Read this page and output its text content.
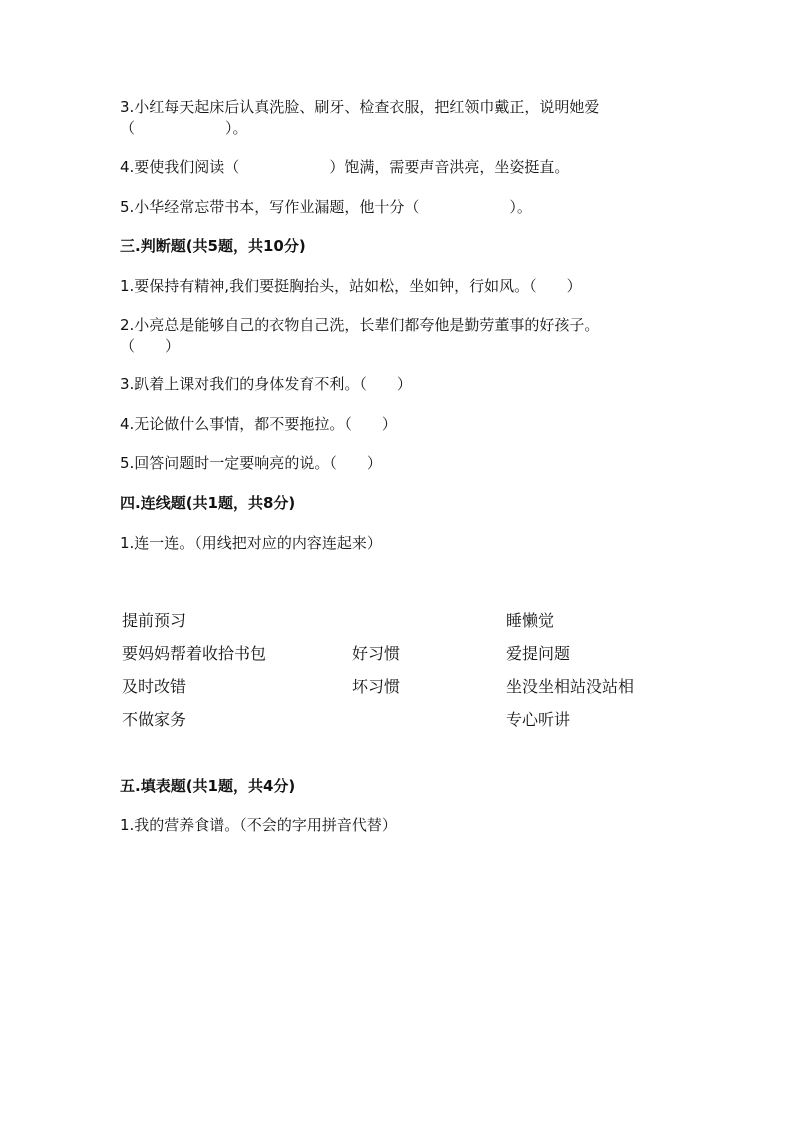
3.小红每天起床后认真洗脸、刷牙、检查衣服，把红领巾戴正，说明她爱
（　　　　　　）。
4.要使我们阅读（　　　　　　）饱满，需要声音洪亮，坐姿挺直。
5.小华经常忘带书本，写作业漏题，他十分（　　　　　　）。
三.判断题(共5题，共10分)
1.要保持有精神,我们要挺胸抬头，站如松，坐如钟，行如风。（　　）
2.小亮总是能够自己的衣物自己洗，长辈们都夸他是勤劳董事的好孩子。
（　　）
3.趴着上课对我们的身体发育不利。（　　）
4.无论做什么事情，都不要拖拉。（　　）
5.回答问题时一定要响亮的说。（　　）
四.连线题(共1题，共8分)
1.连一连。（用线把对应的内容连起来）
提前预习
要妈妈帮着收拾书包
及时改错
不做家务
好习惯
坏习惯
睡懒觉
爱提问题
坐没坐相站没站相
专心听讲
五.填表题(共1题，共4分)
1.我的营养食谱。（不会的字用拼音代替）
